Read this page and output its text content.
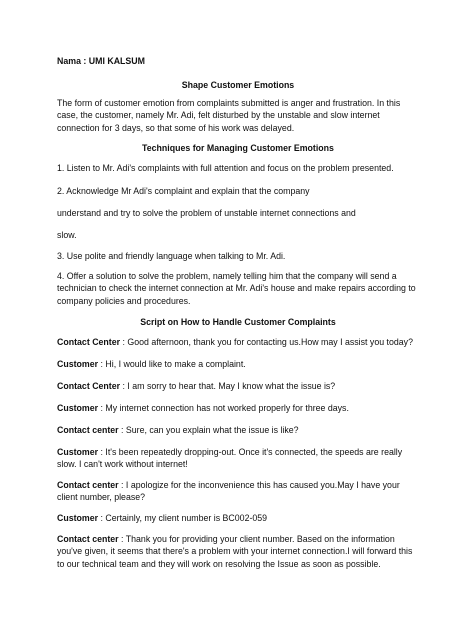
Nama : UMI KALSUM

Shape Customer Emotions

The form of customer emotion from complaints submitted is anger and frustration. In this case, the customer, namely Mr. Adi, felt disturbed by the unstable and slow internet connection for 3 days, so that some of his work was delayed.

Techniques for Managing Customer Emotions

1. Listen to Mr. Adi's complaints with full attention and focus on the problem presented.

2. Acknowledge Mr Adi's complaint and explain that the company

understand and try to solve the problem of unstable internet connections and

slow.

3. Use polite and friendly language when talking to Mr. Adi.

4. Offer a solution to solve the problem, namely telling him that the company will send a technician to check the internet connection at Mr. Adi's house and make repairs according to company policies and procedures.

Script on How to Handle Customer Complaints

Contact Center : Good afternoon, thank you for contacting us.How may I assist you today?

Customer : Hi, I would like to make a complaint.

Contact Center : I am sorry to hear that. May I know what the issue is?

Customer : My internet connection has not worked properly for three days.

Contact center : Sure, can you explain what the issue is like?

Customer : It's been repeatedly dropping-out. Once it's connected, the speeds are really slow. I can't work without internet!

Contact center : I apologize for the inconvenience this has caused you.May I have your client number, please?

Customer : Certainly, my client number is BC002-059

Contact center : Thank you for providing your client number. Based on the information you've given, it seems that there's a problem with your internet connection.I will forward this to our technical team and they will work on resolving the Issue as soon as possible.
